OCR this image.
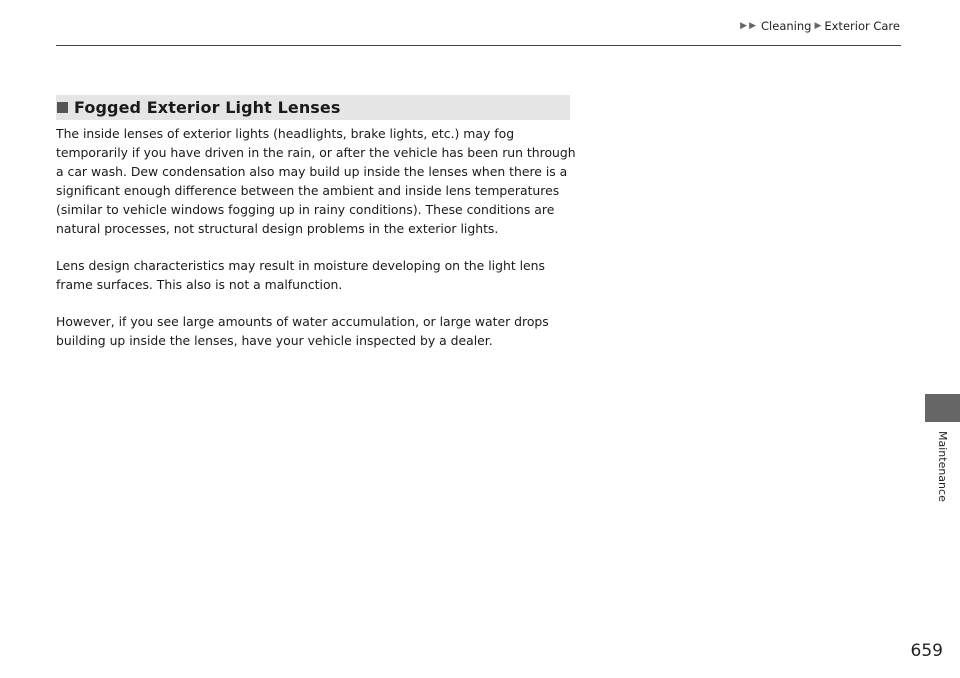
▶ ▶ Cleaning ▶ Exterior Care
Fogged Exterior Light Lenses

The inside lenses of exterior lights (headlights, brake lights, etc.) may fog temporarily if you have driven in the rain, or after the vehicle has been run through a car wash. Dew condensation also may build up inside the lenses when there is a significant enough difference between the ambient and inside lens temperatures (similar to vehicle windows fogging up in rainy conditions). These conditions are natural processes, not structural design problems in the exterior lights.

Lens design characteristics may result in moisture developing on the light lens frame surfaces. This also is not a malfunction.

However, if you see large amounts of water accumulation, or large water drops building up inside the lenses, have your vehicle inspected by a dealer.

Maintenance
659
